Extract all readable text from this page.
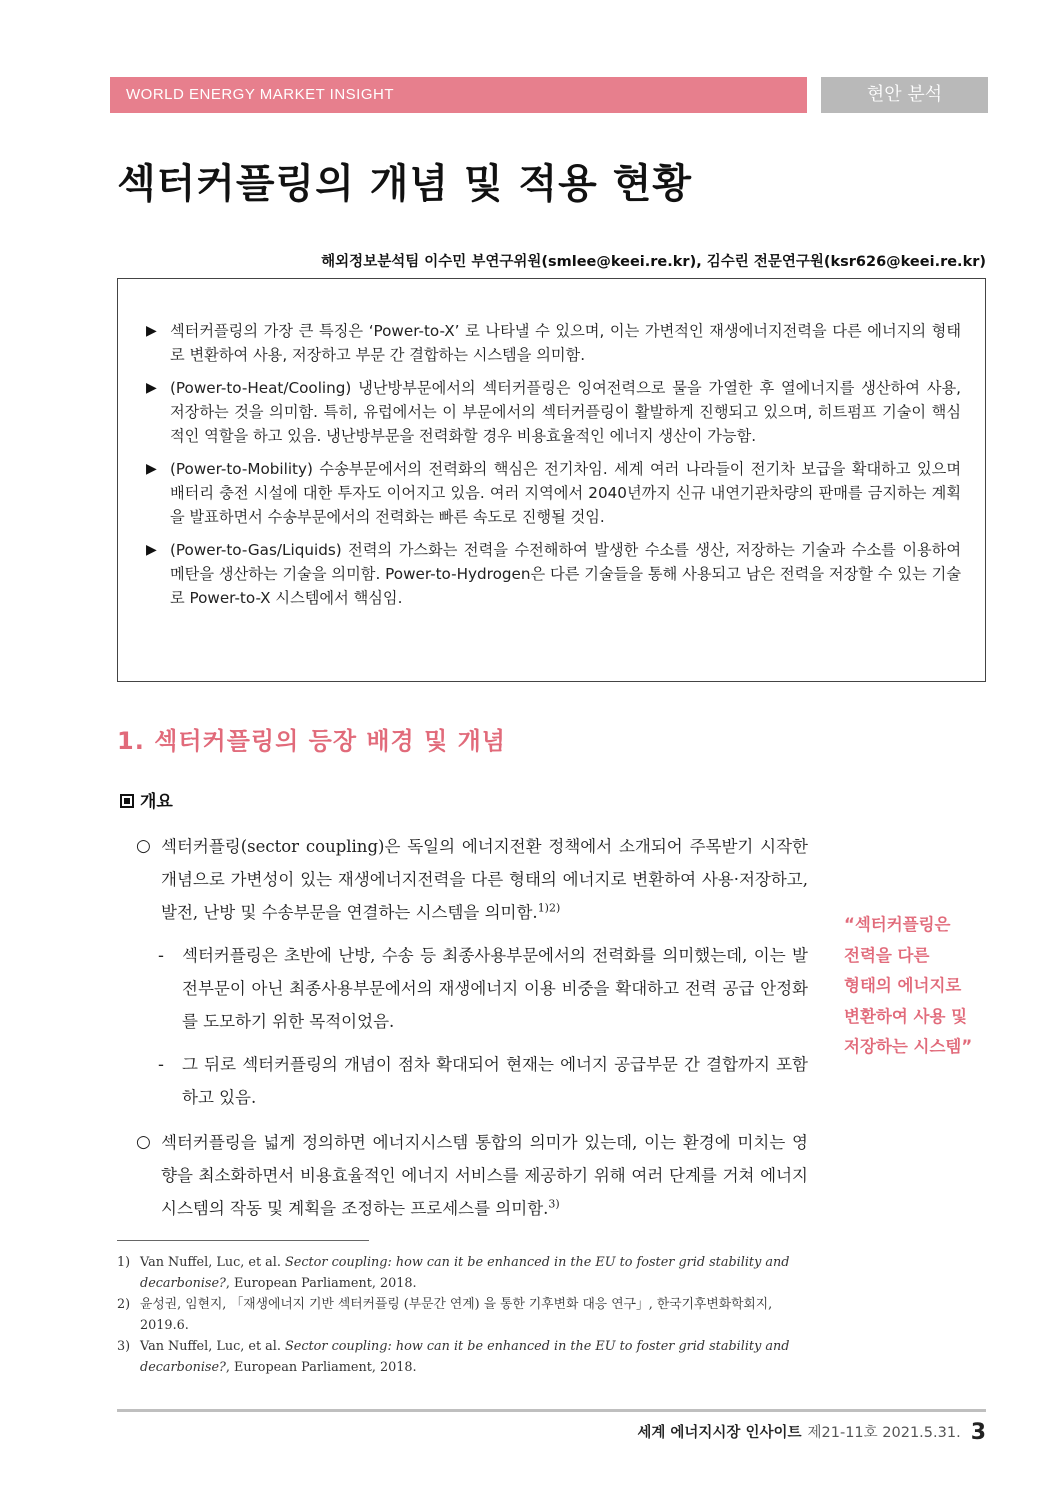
WORLD ENERGY MARKET INSIGHT	현안 분석
섹터커플링의 개념 및 적용 현황
해외정보분석팀 이수민 부연구위원(smlee@keei.re.kr), 김수린 전문연구원(ksr626@keei.re.kr)
▶ 섹터커플링의 가장 큰 특징은 ‘Power-to-X’ 로 나타낼 수 있으며, 이는 가변적인 재생에너지전력을 다른 에너지의 형태로 변환하여 사용, 저장하고 부문 간 결합하는 시스템을 의미함.
▶ (Power-to-Heat/Cooling) 냉난방부문에서의 섹터커플링은 잉여전력으로 물을 가열한 후 열에너지를 생산하여 사용, 저장하는 것을 의미함. 특히, 유럽에서는 이 부문에서의 섹터커플링이 활발하게 진행되고 있으며, 히트펌프 기술이 핵심적인 역할을 하고 있음. 냉난방부문을 전력화할 경우 비용효율적인 에너지 생산이 가능함.
▶ (Power-to-Mobility) 수송부문에서의 전력화의 핵심은 전기차임. 세계 여러 나라들이 전기차 보급을 확대하고 있으며 배터리 충전 시설에 대한 투자도 이어지고 있음. 여러 지역에서 2040년까지 신규 내연기관차량의 판매를 금지하는 계획을 발표하면서 수송부문에서의 전력화는 빠른 속도로 진행될 것임.
▶ (Power-to-Gas/Liquids) 전력의 가스화는 전력을 수전해하여 발생한 수소를 생산, 저장하는 기술과 수소를 이용하여 메탄을 생산하는 기술을 의미함. Power-to-Hydrogen은 다른 기술들을 통해 사용되고 남은 전력을 저장할 수 있는 기술로 Power-to-X 시스템에서 핵심임.
1. 섹터커플링의 등장 배경 및 개념
개요

○ 섹터커플링(sector coupling)은 독일의 에너지전환 정책에서 소개되어 주목받기 시작한 개념으로 가변성이 있는 재생에너지전력을 다른 형태의 에너지로 변환하여 사용·저장하고, 발전, 난방 및 수송부문을 연결하는 시스템을 의미함.$^{1)2)}$

- 섹터커플링은 초반에 난방, 수송 등 최종사용부문에서의 전력화를 의미했는데, 이는 발전부문이 아닌 최종사용부문에서의 재생에너지 이용 비중을 확대하고 전력 공급 안정화를 도모하기 위한 목적이었음.

- 그 뒤로 섹터커플링의 개념이 점차 확대되어 현재는 에너지 공급부문 간 결합까지 포함하고 있음.

○ 섹터커플링을 넓게 정의하면 에너지시스템 통합의 의미가 있는데, 이는 환경에 미치는 영향을 최소화하면서 비용효율적인 에너지 서비스를 제공하기 위해 여러 단계를 거쳐 에너지시스템의 작동 및 계획을 조정하는 프로세스를 의미함.$^{3)}$

“섹터커플링은
전력을 다른
형태의 에너지로
변환하여 사용 및
저장하는 시스템”

1) Van Nuffel, Luc, et al. Sector coupling: how can it be enhanced in the EU to foster grid stability and decarbonise?, European Parliament, 2018.

2) 윤성권, 임현지, 「재생에너지 기반 섹터커플링 (부문간 연계) 을 통한 기후변화 대응 연구」, 한국기후변화학회지, 2019.6.

3) Van Nuffel, Luc, et al. Sector coupling: how can it be enhanced in the EU to foster grid stability and decarbonise?, European Parliament, 2018.

세계 에너지시장 인사이트 제21-11호 2021.5.31. 3
